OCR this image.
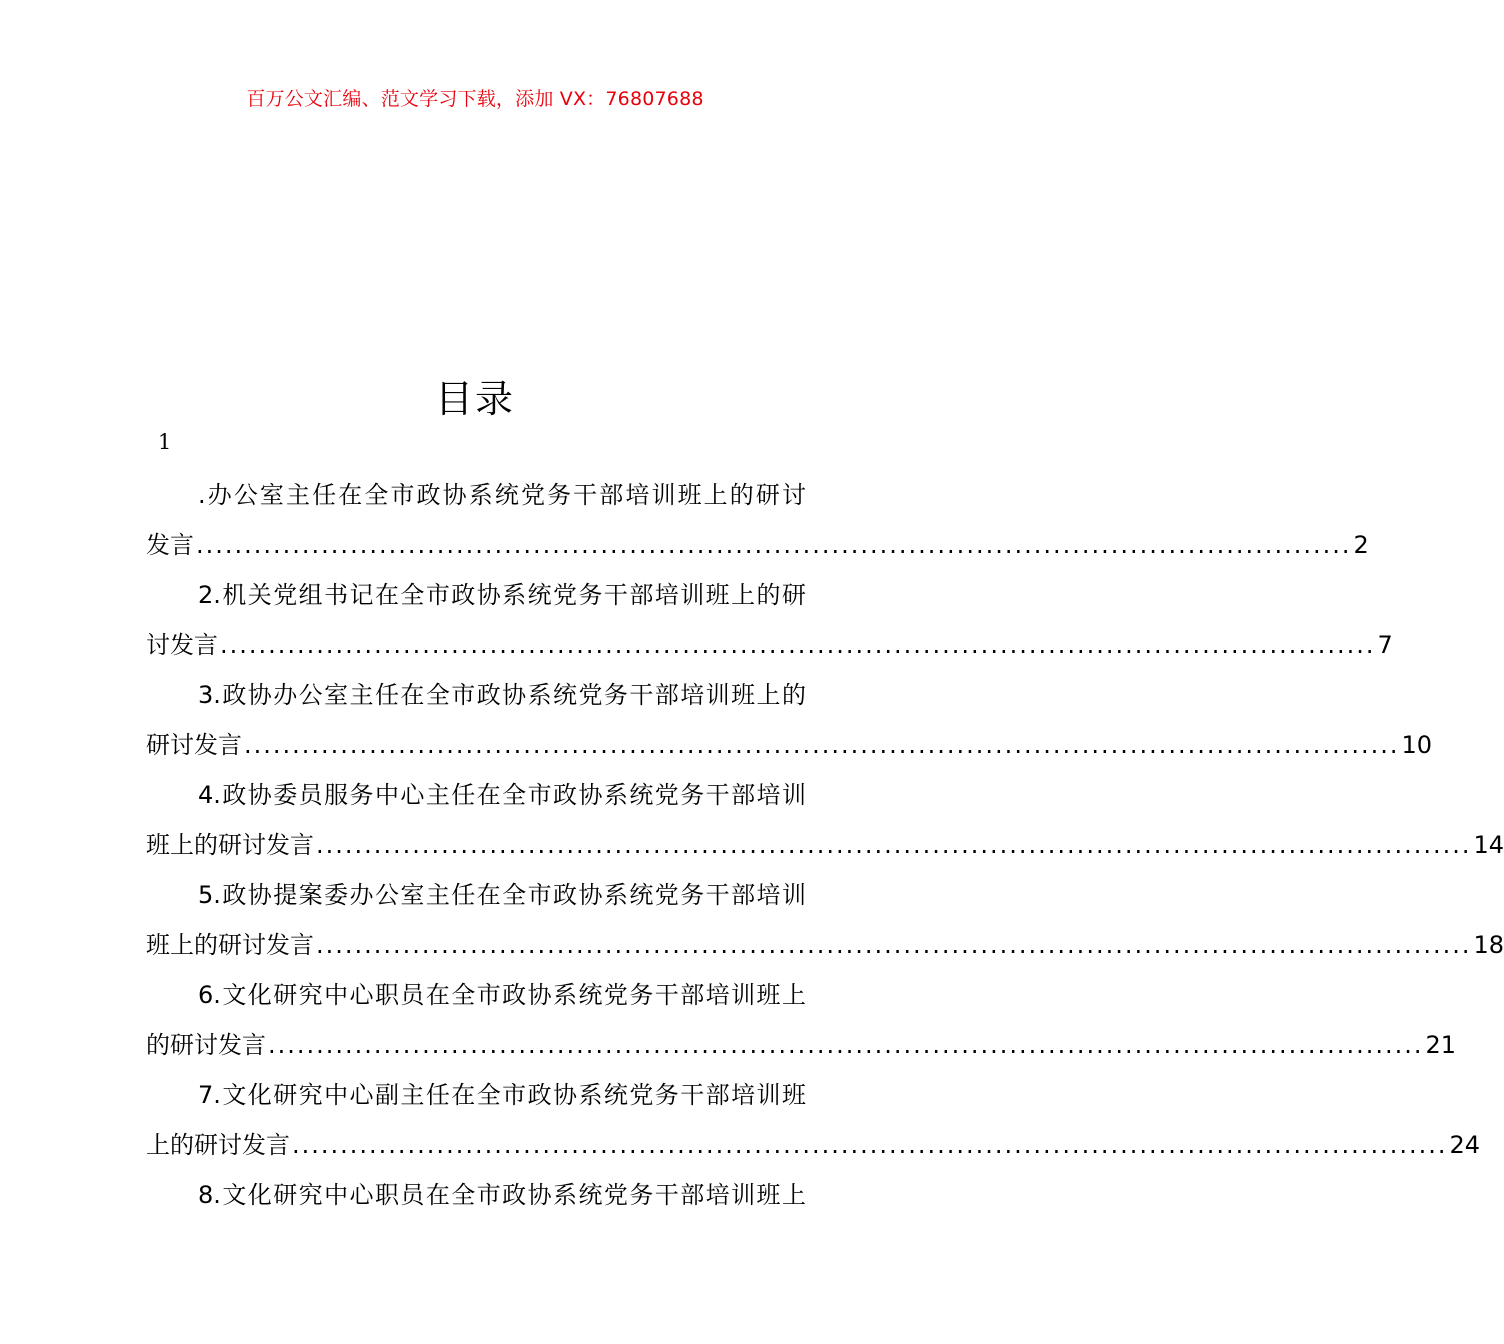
百万公文汇编、范文学习下载，添加 VX：76807688
目录
1
.办公室主任在全市政协系统党务干部培训班上的研讨
发言 ........................................................................................................................ 2
2.机关党组书记在全市政协系统党务干部培训班上的研
讨发言 ........................................................................................................................ 7
3.政协办公室主任在全市政协系统党务干部培训班上的
研讨发言 ........................................................................................................................ 10
4.政协委员服务中心主任在全市政协系统党务干部培训
班上的研讨发言 ........................................................................................................................ 14
5.政协提案委办公室主任在全市政协系统党务干部培训
班上的研讨发言 ........................................................................................................................ 18
6.文化研究中心职员在全市政协系统党务干部培训班上
的研讨发言 ........................................................................................................................ 21
7.文化研究中心副主任在全市政协系统党务干部培训班
上的研讨发言 ........................................................................................................................ 24
8.文化研究中心职员在全市政协系统党务干部培训班上
